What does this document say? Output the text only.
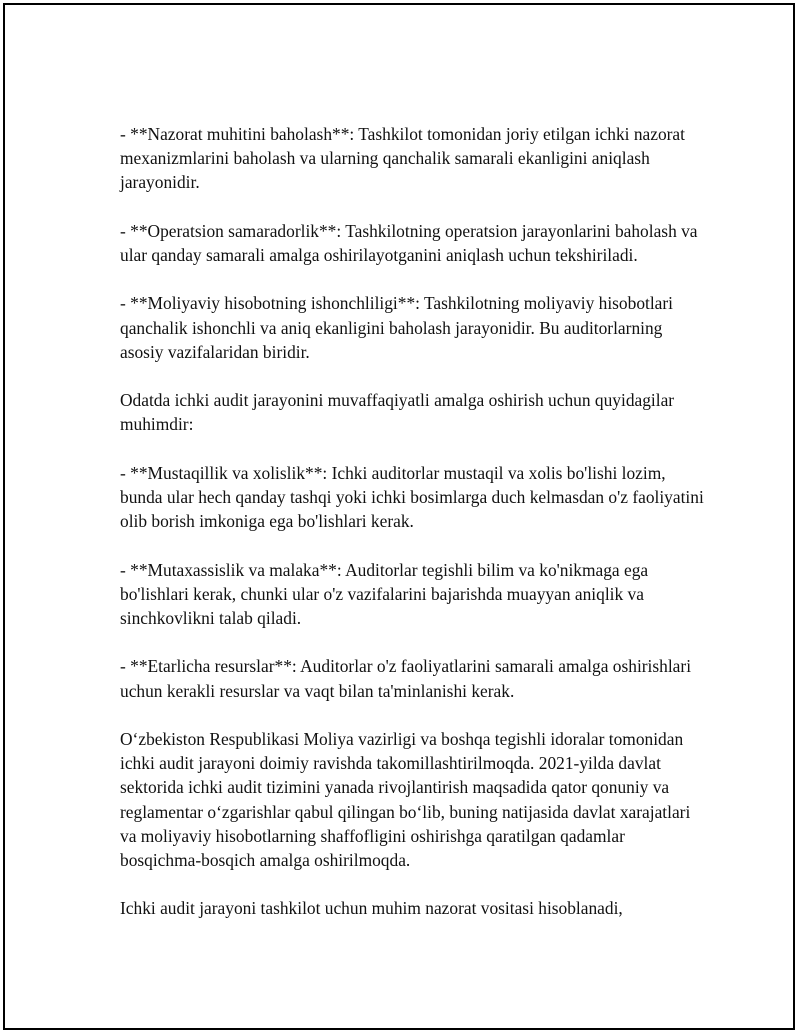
- **Nazorat muhitini baholash**: Tashkilot tomonidan joriy etilgan ichki nazorat mexanizmlarini baholash va ularning qanchalik samarali ekanligini aniqlash jarayonidir.

- **Operatsion samaradorlik**: Tashkilotning operatsion jarayonlarini baholash va ular qanday samarali amalga oshirilayotganini aniqlash uchun tekshiriladi.

- **Moliyaviy hisobotning ishonchliligi**: Tashkilotning moliyaviy hisobotlari qanchalik ishonchli va aniq ekanligini baholash jarayonidir. Bu auditorlarning asosiy vazifalaridan biridir.

Odatda ichki audit jarayonini muvaffaqiyatli amalga oshirish uchun quyidagilar muhimdir:

- **Mustaqillik va xolislik**: Ichki auditorlar mustaqil va xolis bo'lishi lozim, bunda ular hech qanday tashqi yoki ichki bosimlarga duch kelmasdan o'z faoliyatini olib borish imkoniga ega bo'lishlari kerak.

- **Mutaxassislik va malaka**: Auditorlar tegishli bilim va ko'nikmaga ega bo'lishlari kerak, chunki ular o'z vazifalarini bajarishda muayyan aniqlik va sinchkovlikni talab qiladi.

- **Etarlicha resurslar**: Auditorlar o'z faoliyatlarini samarali amalga oshirishlari uchun kerakli resurslar va vaqt bilan ta'minlanishi kerak.

O‘zbekiston Respublikasi Moliya vazirligi va boshqa tegishli idoralar tomonidan ichki audit jarayoni doimiy ravishda takomillashtirilmoqda. 2021-yilda davlat sektorida ichki audit tizimini yanada rivojlantirish maqsadida qator qonuniy va reglamentar o‘zgarishlar qabul qilingan bo‘lib, buning natijasida davlat xarajatlari va moliyaviy hisobotlarning shaffofligini oshirishga qaratilgan qadamlar bosqichma-bosqich amalga oshirilmoqda.

Ichki audit jarayoni tashkilot uchun muhim nazorat vositasi hisoblanadi,
